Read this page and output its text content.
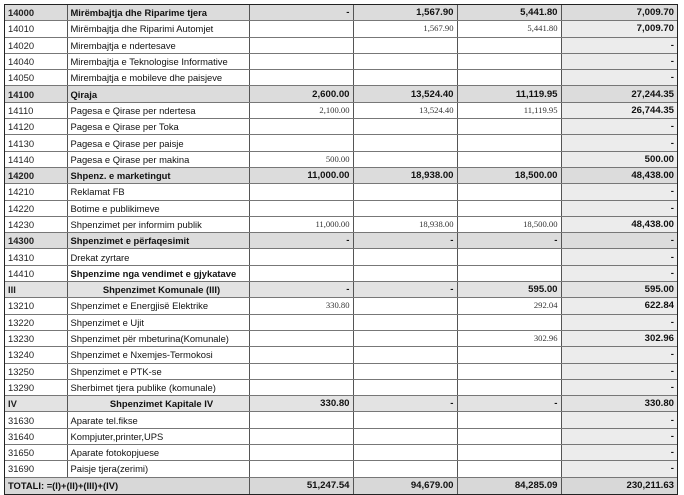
14000	Mirëmbajtja dhe Riparime tjera	-	1,567.90	5,441.80	7,009.70
14010	Mirëmbajtja dhe Riparimi Automjet		1,567.90	5,441.80	7,009.70
14020	Mirembajtja e ndertesave				-
14040	Mirembajtja e Teknologise Informative				-
14050	Mirembajtja e mobileve dhe paisjeve				-
14100	Qiraja	2,600.00	13,524.40	11,119.95	27,244.35
14110	Pagesa e Qirase per ndertesa	2,100.00	13,524.40	11,119.95	26,744.35
14120	Pagesa e Qirase per Toka				-
14130	Pagesa e Qirase per paisje				-
14140	Pagesa e Qirase per makina	500.00			500.00
14200	Shpenz. e marketingut	11,000.00	18,938.00	18,500.00	48,438.00
14210	Reklamat FB				-
14220	Botime e publikimeve				-
14230	Shpenzimet per informim publik	11,000.00	18,938.00	18,500.00	48,438.00
14300	Shpenzimet e përfaqesimit	-	-	-	-
14310	Drekat zyrtare				-
14410	Shpenzime nga vendimet e gjykatave				-
III	Shpenzimet Komunale (III)	-	-	595.00	595.00
13210	Shpenzimet e Energjisë Elektrike	330.80		292.04	622.84
13220	Shpenzimet e Ujit				-
13230	Shpenzimet për mbeturina(Komunale)			302.96	302.96
13240	Shpenzimet e Nxemjes-Termokosi				-
13250	Shpenzimet e PTK-se				-
13290	Sherbimet tjera publike (komunale)				-
IV	Shpenzimet Kapitale IV	330.80	-	-	330.80
31630	Aparate tel.fikse				-
31640	Kompjuter,printer,UPS				-
31650	Aparate fotokopjuese				-
31690	Paisje tjera(zerimi)				-
TOTALI: =(I)+(II)+(III)+(IV)		51,247.54	94,679.00	84,285.09	230,211.63
